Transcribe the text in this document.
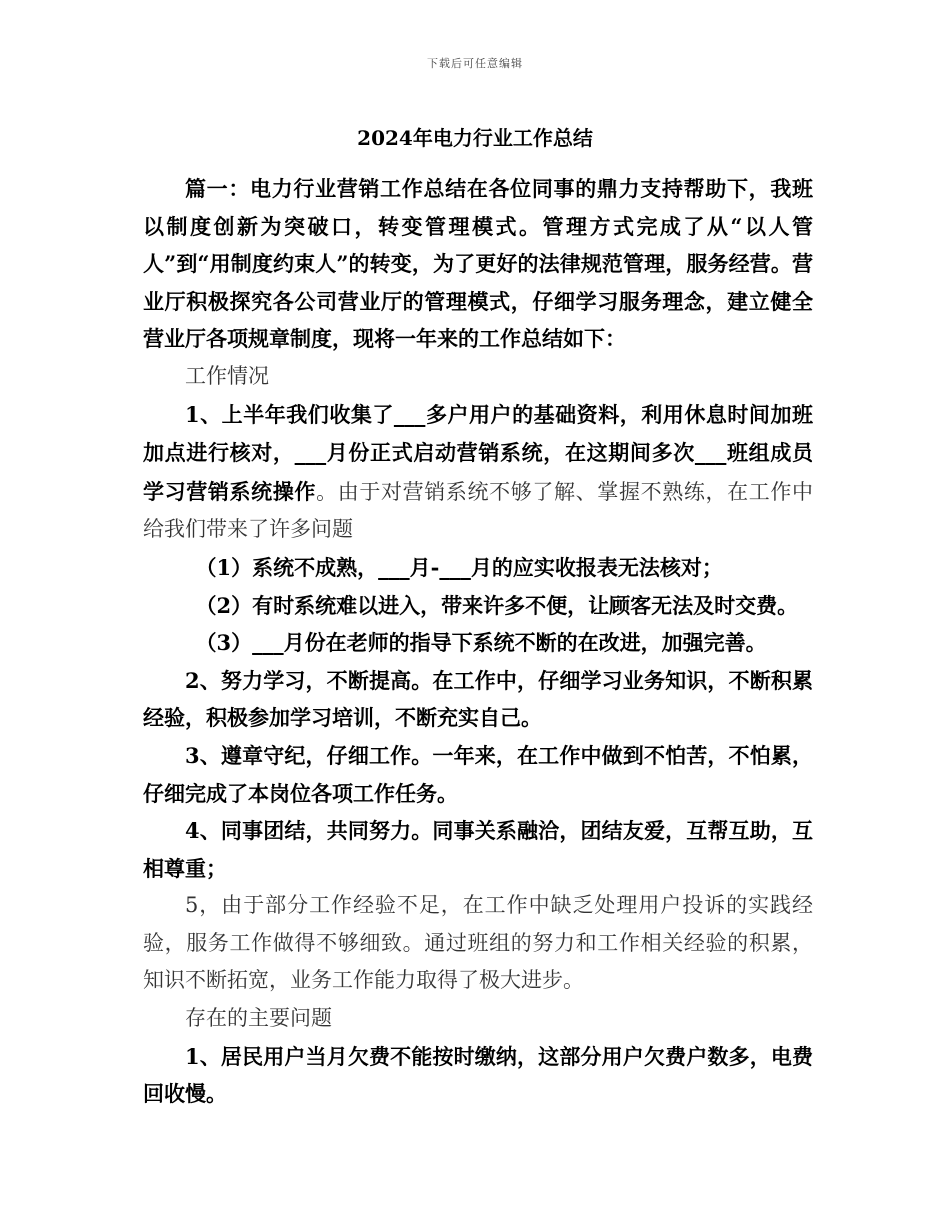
下载后可任意编辑
2024年电力行业工作总结

篇一：电力行业营销工作总结在各位同事的鼎力支持帮助下，我班以制度创新为突破口，转变管理模式。管理方式完成了从“以人管人”到“用制度约束人”的转变，为了更好的法律规范管理，服务经营。营业厅积极探究各公司营业厅的管理模式，仔细学习服务理念，建立健全营业厅各项规章制度，现将一年来的工作总结如下：

工作情况

1、上半年我们收集了___多户用户的基础资料，利用休息时间加班加点进行核对，___月份正式启动营销系统，在这期间多次___班组成员学习营销系统操作。由于对营销系统不够了解、掌握不熟练，在工作中给我们带来了许多问题

（1）系统不成熟，___月-___月的应实收报表无法核对；

（2）有时系统难以进入，带来许多不便，让顾客无法及时交费。

（3）___月份在老师的指导下系统不断的在改进，加强完善。

2、努力学习，不断提高。在工作中，仔细学习业务知识，不断积累经验，积极参加学习培训，不断充实自己。

3、遵章守纪，仔细工作。一年来，在工作中做到不怕苦，不怕累，仔细完成了本岗位各项工作任务。

4、同事团结，共同努力。同事关系融洽，团结友爱，互帮互助，互相尊重；

5，由于部分工作经验不足，在工作中缺乏处理用户投诉的实践经验，服务工作做得不够细致。通过班组的努力和工作相关经验的积累，知识不断拓宽，业务工作能力取得了极大进步。

存在的主要问题

1、居民用户当月欠费不能按时缴纳，这部分用户欠费户数多，电费回收慢。
